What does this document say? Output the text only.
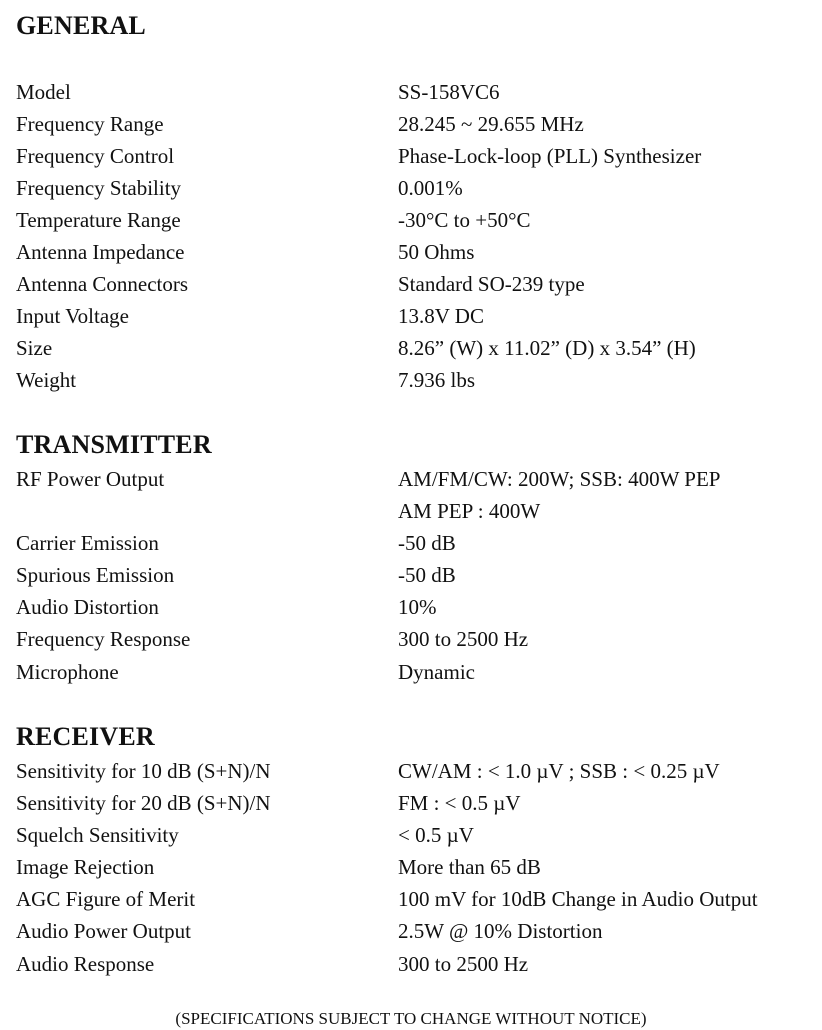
GENERAL
Model	SS-158VC6
Frequency Range	28.245 ~ 29.655 MHz
Frequency Control	Phase-Lock-loop (PLL) Synthesizer
Frequency Stability	0.001%
Temperature Range	-30°C to +50°C
Antenna Impedance	50 Ohms
Antenna Connectors	Standard SO-239 type
Input Voltage	13.8V DC
Size	8.26” (W) x 11.02” (D) x 3.54” (H)
Weight	7.936 lbs
TRANSMITTER
RF Power Output	AM/FM/CW: 200W; SSB: 400W PEP
AM PEP : 400W
Carrier Emission	-50 dB
Spurious Emission	-50 dB
Audio Distortion	10%
Frequency Response	300 to 2500 Hz
Microphone	Dynamic
RECEIVER
Sensitivity for 10 dB (S+N)/N	CW/AM : < 1.0 µV ; SSB : < 0.25 µV
Sensitivity for 20 dB (S+N)/N	FM : < 0.5 µV
Squelch Sensitivity	< 0.5 µV
Image Rejection	More than 65 dB
AGC Figure of Merit	100 mV for 10dB Change in Audio Output
Audio Power Output	2.5W @ 10% Distortion
Audio Response	300 to 2500 Hz
(SPECIFICATIONS SUBJECT TO CHANGE WITHOUT NOTICE)
